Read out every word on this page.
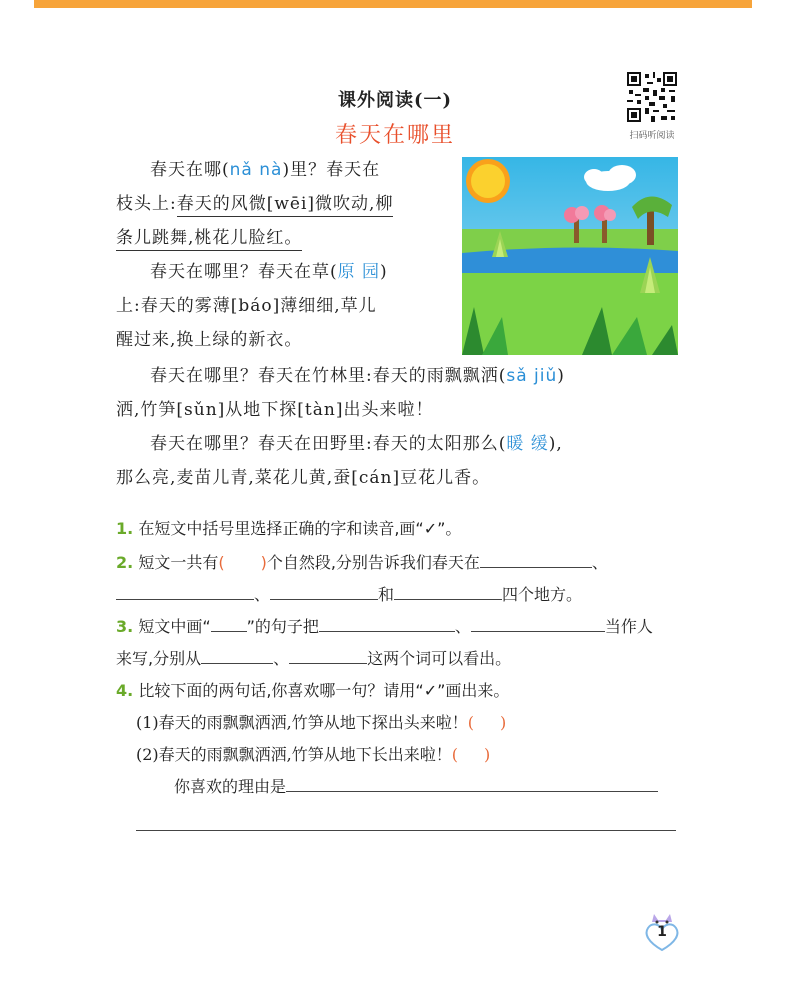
课外阅读(一)
春天在哪里	扫码听阅读
春天在哪(nǎ nà)里？春天在
枝头上:春天的风微[wēi]微吹动,柳
条儿跳舞,桃花儿脸红。
春天在哪里？春天在草(原 园)
上:春天的雾薄[báo]薄细细,草儿
醒过来,换上绿的新衣。
春天在哪里？春天在竹林里:春天的雨飘飘洒(sǎ jiǔ)
洒,竹笋[sǔn]从地下探[tàn]出头来啦！
春天在哪里？春天在田野里:春天的太阳那么(暖 缓),
那么亮,麦苗儿青,菜花儿黄,蚕[cán]豆花儿香。
1. 在短文中括号里选择正确的字和读音,画“✓”。
2. 短文一共有( )个自然段,分别告诉我们春天在	、
、	和	四个地方。
3. 短文中画“ ”的句子把	、	当作人
来写,分别从	、	这两个词可以看出。
4. 比较下面的两句话,你喜欢哪一句？请用“✓”画出来。
(1)春天的雨飘飘洒洒,竹笋从地下探出头来啦！( )
(2)春天的雨飘飘洒洒,竹笋从地下长出来啦！( )
你喜欢的理由是
1
